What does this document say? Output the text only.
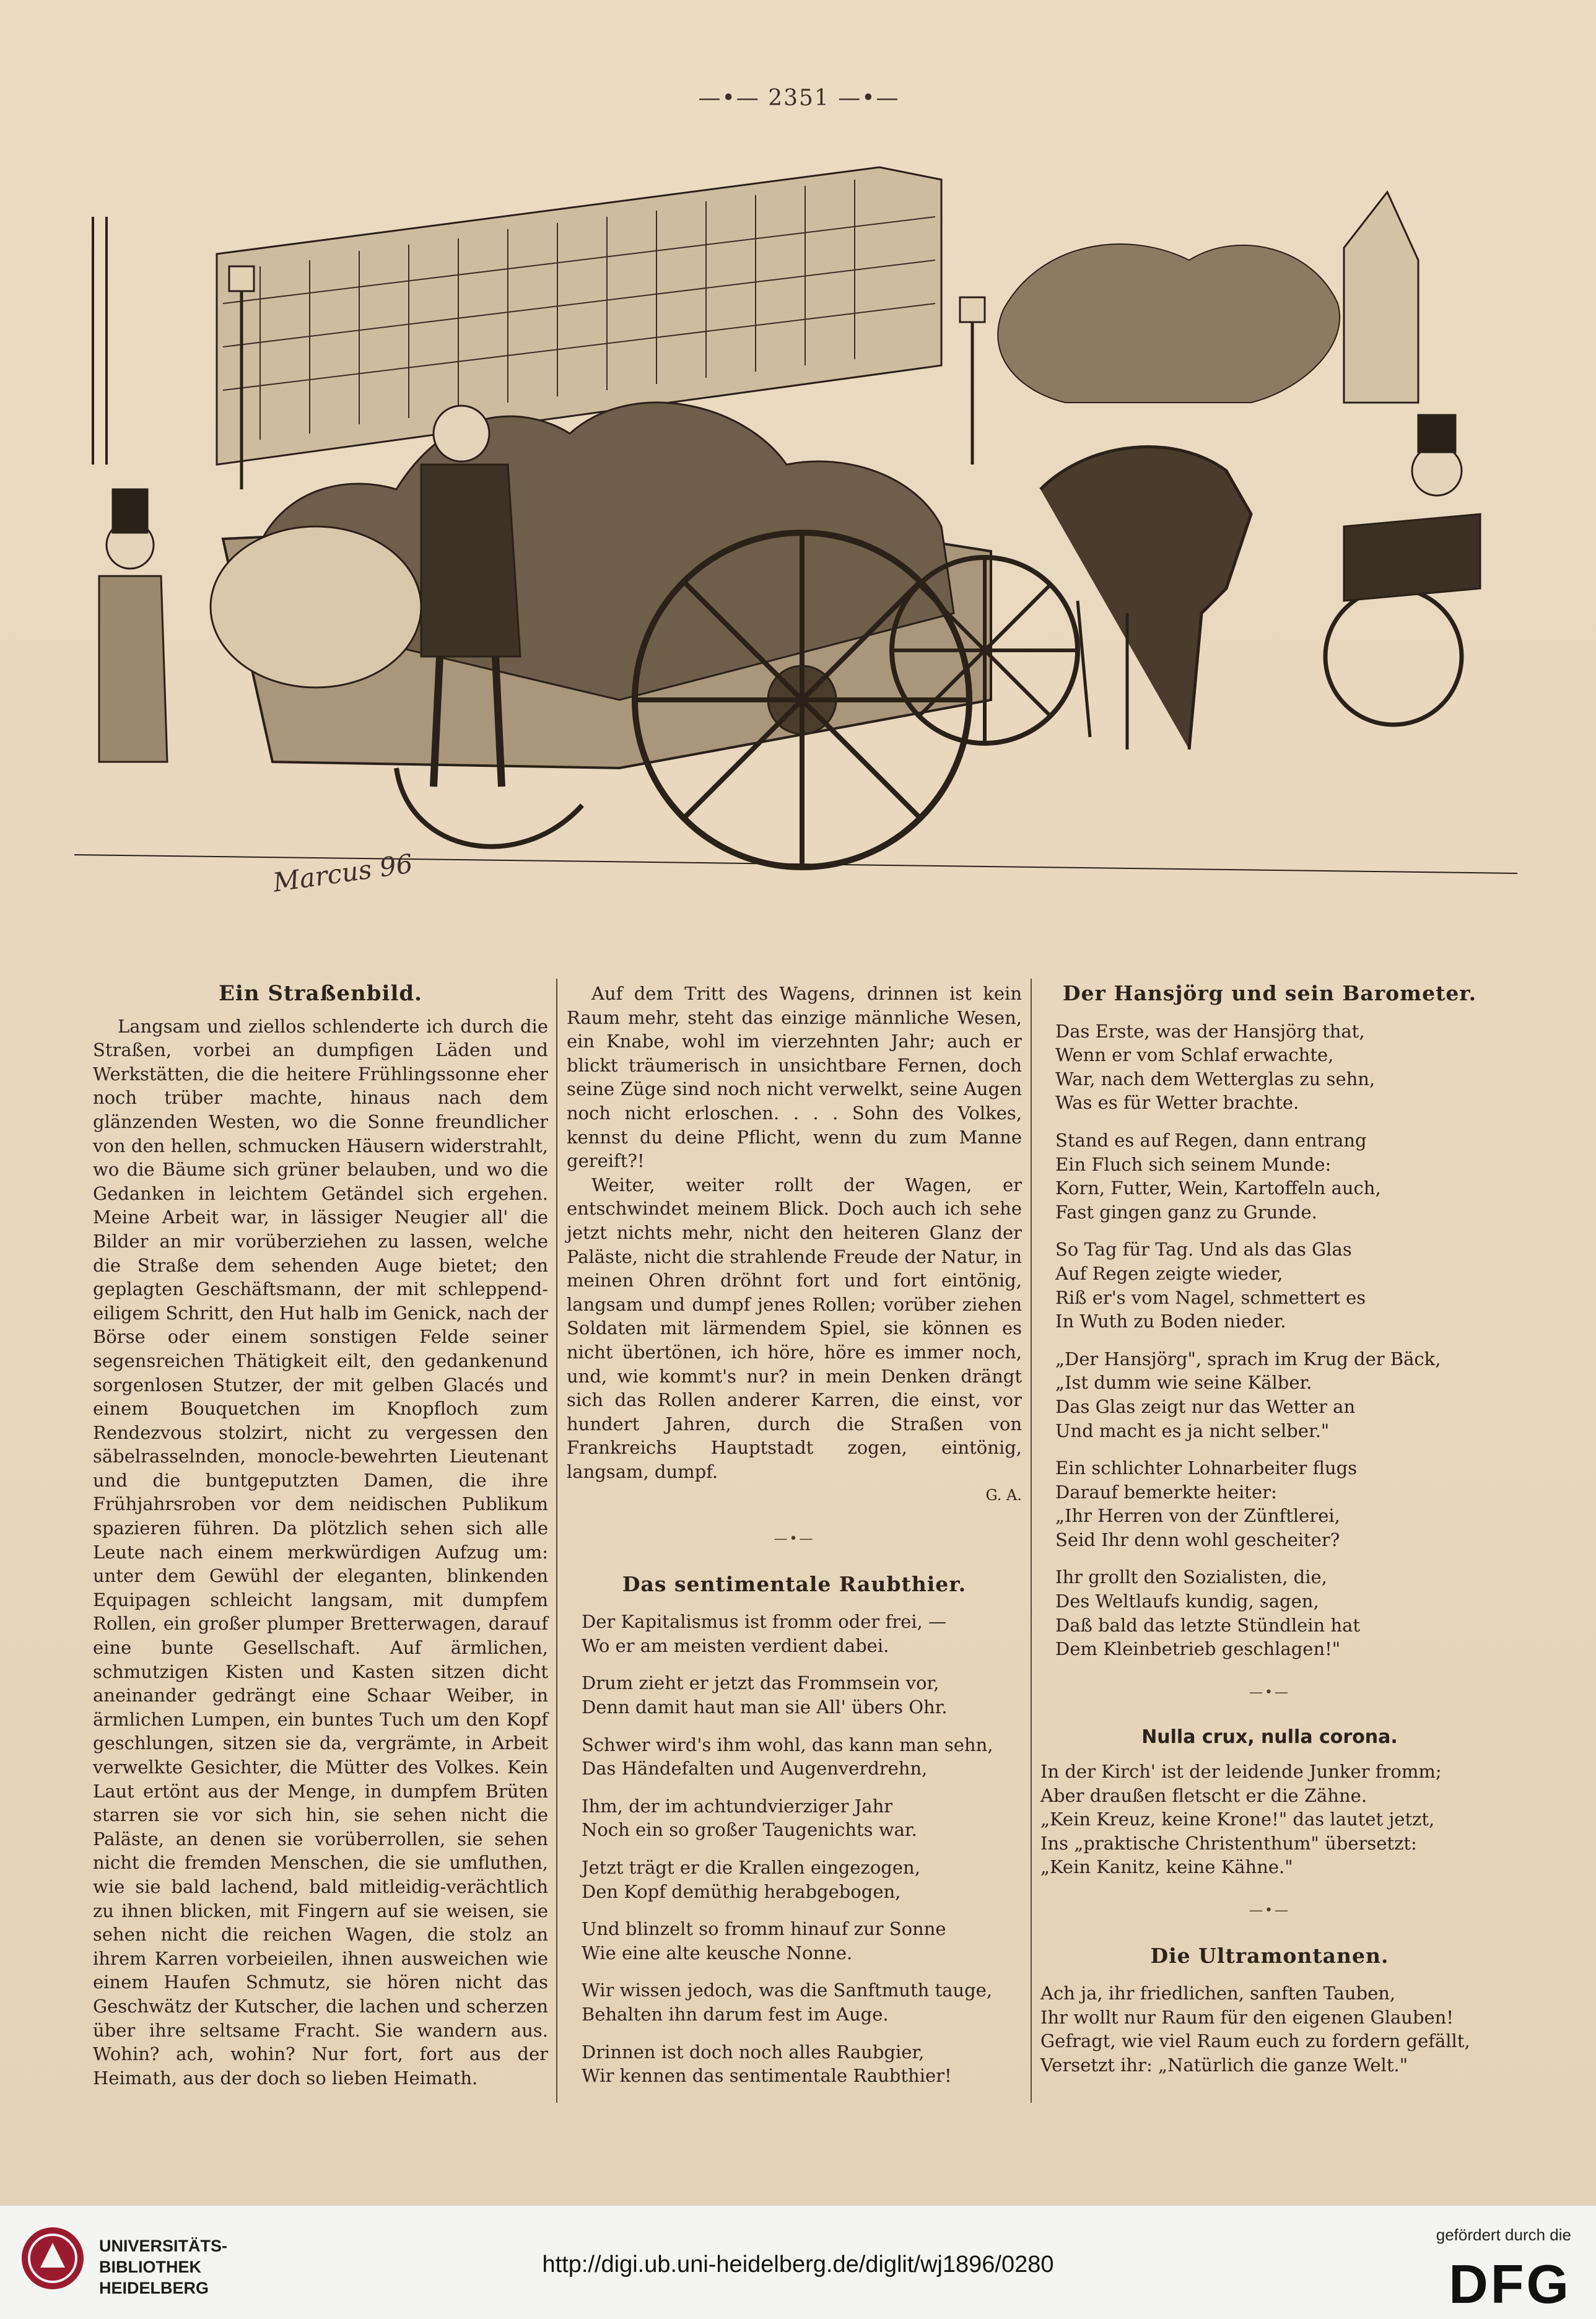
—•— 2351 —•—
Marcus 96
Ein Straßenbild.

Langsam und ziellos schlenderte ich durch die Straßen, vorbei an dumpfigen Läden und Werkstätten, die die heitere Frühlingssonne eher noch trüber machte, hinaus nach dem glänzenden Westen, wo die Sonne freundlicher von den hellen, schmucken Häusern widerstrahlt, wo die Bäume sich grüner belauben, und wo die Gedanken in leichtem Getändel sich ergehen. Meine Arbeit war, in lässiger Neugier all' die Bilder an mir vorüberziehen zu lassen, welche die Straße dem sehenden Auge bietet; den geplagten Geschäftsmann, der mit schleppend-eiligem Schritt, den Hut halb im Genick, nach der Börse oder einem sonstigen Felde seiner segensreichen Thätigkeit eilt, den gedankenund sorgenlosen Stutzer, der mit gelben Glacés und einem Bouquetchen im Knopfloch zum Rendezvous stolzirt, nicht zu vergessen den säbelrasselnden, monocle-bewehrten Lieutenant und die buntgeputzten Damen, die ihre Frühjahrsroben vor dem neidischen Publikum spazieren führen. Da plötzlich sehen sich alle Leute nach einem merkwürdigen Aufzug um: unter dem Gewühl der eleganten, blinkenden Equipagen schleicht langsam, mit dumpfem Rollen, ein großer plumper Bretterwagen, darauf eine bunte Gesellschaft. Auf ärmlichen, schmutzigen Kisten und Kasten sitzen dicht aneinander gedrängt eine Schaar Weiber, in ärmlichen Lumpen, ein buntes Tuch um den Kopf geschlungen, sitzen sie da, vergrämte, in Arbeit verwelkte Gesichter, die Mütter des Volkes. Kein Laut ertönt aus der Menge, in dumpfem Brüten starren sie vor sich hin, sie sehen nicht die Paläste, an denen sie vorüberrollen, sie sehen nicht die fremden Menschen, die sie umfluthen, wie sie bald lachend, bald mitleidig-verächtlich zu ihnen blicken, mit Fingern auf sie weisen, sie sehen nicht die reichen Wagen, die stolz an ihrem Karren vorbeieilen, ihnen ausweichen wie einem Haufen Schmutz, sie hören nicht das Geschwätz der Kutscher, die lachen und scherzen über ihre seltsame Fracht. Sie wandern aus. Wohin? ach, wohin? Nur fort, fort aus der Heimath, aus der doch so lieben Heimath.

Auf dem Tritt des Wagens, drinnen ist kein Raum mehr, steht das einzige männliche Wesen, ein Knabe, wohl im vierzehnten Jahr; auch er blickt träumerisch in unsichtbare Fernen, doch seine Züge sind noch nicht verwelkt, seine Augen noch nicht erloschen. . . . Sohn des Volkes, kennst du deine Pflicht, wenn du zum Manne gereift?!

Weiter, weiter rollt der Wagen, er entschwindet meinem Blick. Doch auch ich sehe jetzt nichts mehr, nicht den heiteren Glanz der Paläste, nicht die strahlende Freude der Natur, in meinen Ohren dröhnt fort und fort eintönig, langsam und dumpf jenes Rollen; vorüber ziehen Soldaten mit lärmendem Spiel, sie können es nicht übertönen, ich höre, höre es immer noch, und, wie kommt's nur? in mein Denken drängt sich das Rollen anderer Karren, die einst, vor hundert Jahren, durch die Straßen von Frankreichs Hauptstadt zogen, eintönig, langsam, dumpf.

G. A.
—•—
Das sentimentale Raubthier.
Der Kapitalismus ist fromm oder frei, —
Wo er am meisten verdient dabei.
Drum zieht er jetzt das Frommsein vor,
Denn damit haut man sie All' übers Ohr.
Schwer wird's ihm wohl, das kann man sehn,
Das Händefalten und Augenverdrehn,
Ihm, der im achtundvierziger Jahr
Noch ein so großer Taugenichts war.
Jetzt trägt er die Krallen eingezogen,
Den Kopf demüthig herabgebogen,
Und blinzelt so fromm hinauf zur Sonne
Wie eine alte keusche Nonne.
Wir wissen jedoch, was die Sanftmuth tauge,
Behalten ihn darum fest im Auge.
Drinnen ist doch noch alles Raubgier,
Wir kennen das sentimentale Raubthier!
Der Hansjörg und sein Barometer.
Das Erste, was der Hansjörg that,
Wenn er vom Schlaf erwachte,
War, nach dem Wetterglas zu sehn,
Was es für Wetter brachte.
Stand es auf Regen, dann entrang
Ein Fluch sich seinem Munde:
Korn, Futter, Wein, Kartoffeln auch,
Fast gingen ganz zu Grunde.
So Tag für Tag. Und als das Glas
Auf Regen zeigte wieder,
Riß er's vom Nagel, schmettert es
In Wuth zu Boden nieder.
„Der Hansjörg", sprach im Krug der Bäck,
„Ist dumm wie seine Kälber.
Das Glas zeigt nur das Wetter an
Und macht es ja nicht selber."
Ein schlichter Lohnarbeiter flugs
Darauf bemerkte heiter:
„Ihr Herren von der Zünftlerei,
Seid Ihr denn wohl gescheiter?
Ihr grollt den Sozialisten, die,
Des Weltlaufs kundig, sagen,
Daß bald das letzte Stündlein hat
Dem Kleinbetrieb geschlagen!"
—•—
Nulla crux, nulla corona.
In der Kirch' ist der leidende Junker fromm;
Aber draußen fletscht er die Zähne.
„Kein Kreuz, keine Krone!" das lautet jetzt,
Ins „praktische Christenthum" übersetzt:
„Kein Kanitz, keine Kähne."
—•—
Die Ultramontanen.
Ach ja, ihr friedlichen, sanften Tauben,
Ihr wollt nur Raum für den eigenen Glauben!
Gefragt, wie viel Raum euch zu fordern gefällt,
Versetzt ihr: „Natürlich die ganze Welt."
UNIVERSITÄTS-
BIBLIOTHEK
HEIDELBERG
http://digi.ub.uni-heidelberg.de/diglit/wj1896/0280
gefördert durch die
DFG
